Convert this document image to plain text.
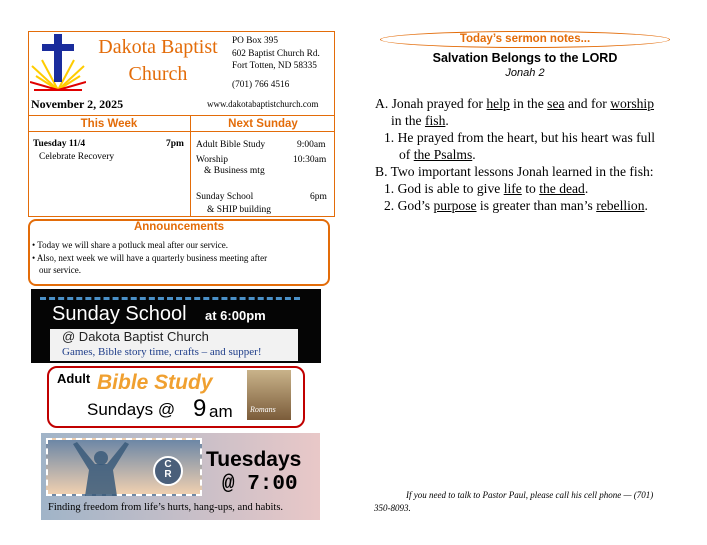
Dakota Baptist
Church
PO Box 395
602 Baptist Church Rd.
Fort Totten, ND 58335
(701) 766 4516
November 2, 2025	www.dakotabaptistchurch.com
This Week	Next Sunday
Tuesday 11/4	7pm
Celebrate Recovery
Adult Bible Study	9:00am
Worship	10:30am
& Business mtg
Sunday School	6pm
& SHIP building
Announcements
• Today we will share a potluck meal after our service.
• Also, next week we will have a quarterly business meeting after
our service.
Sunday School at 6:00pm
@ Dakota Baptist Church
Games, Bible story time, crafts – and supper!
Adult Bible Study
Sundays @ 9 am Romans
C R
Tuesdays
@ 7:00
Finding freedom from life’s hurts, hang-ups, and habits.
Today’s sermon notes...
Salvation Belongs to the LORD
Jonah 2
A. Jonah prayed for help in the sea and for worship
in the fish.
1. He prayed from the heart, but his heart was full
of the Psalms.
B. Two important lessons Jonah learned in the fish:
1. God is able to give life to the dead.
2. God’s purpose is greater than man’s rebellion.
If you need to talk to Pastor Paul, please call his cell phone — (701) 350-8093.
